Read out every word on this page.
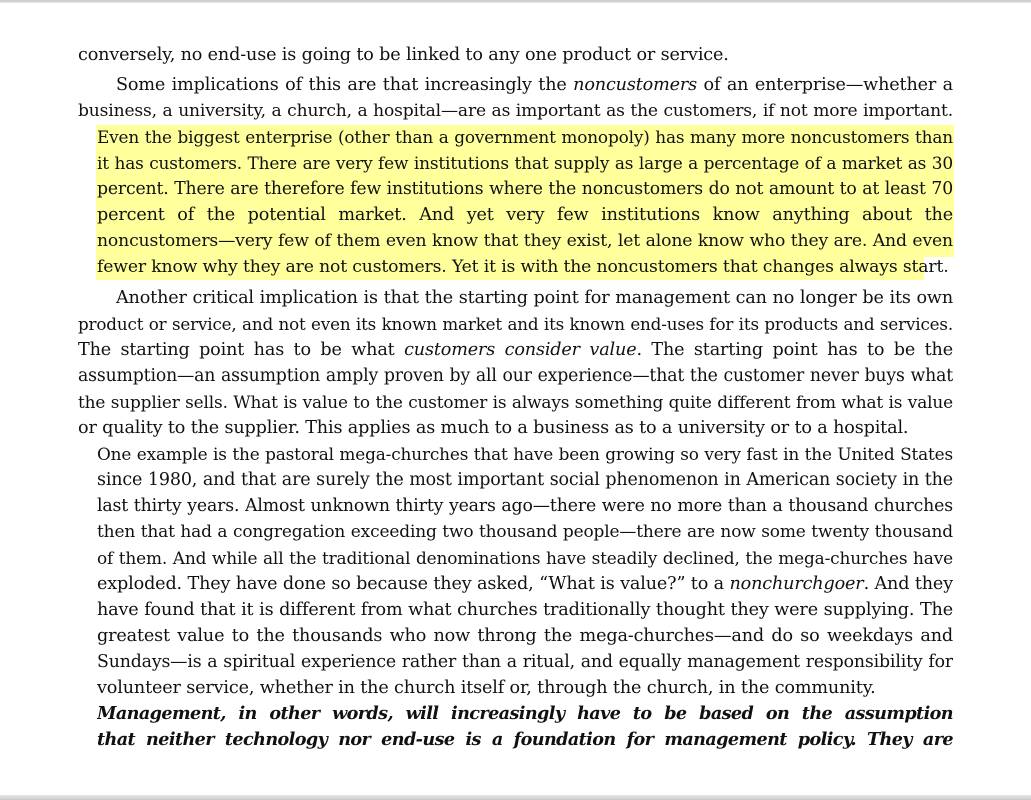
conversely, no end-use is going to be linked to any one product or service.
Some implications of this are that increasingly the noncustomers of an enterprise—whether a
business, a university, a church, a hospital—are as important as the customers, if not more important.
Even the biggest enterprise (other than a government monopoly) has many more noncustomers than
it has customers. There are very few institutions that supply as large a percentage of a market as 30
percent. There are therefore few institutions where the noncustomers do not amount to at least 70
percent of the potential market. And yet very few institutions know anything about the
noncustomers—very few of them even know that they exist, let alone know who they are. And even
fewer know why they are not customers. Yet it is with the noncustomers that changes always start.
Another critical implication is that the starting point for management can no longer be its own
product or service, and not even its known market and its known end-uses for its products and services.
The starting point has to be what customers consider value. The starting point has to be the
assumption—an assumption amply proven by all our experience—that the customer never buys what
the supplier sells. What is value to the customer is always something quite different from what is value
or quality to the supplier. This applies as much to a business as to a university or to a hospital.
One example is the pastoral mega-churches that have been growing so very fast in the United States
since 1980, and that are surely the most important social phenomenon in American society in the
last thirty years. Almost unknown thirty years ago—there were no more than a thousand churches
then that had a congregation exceeding two thousand people—there are now some twenty thousand
of them. And while all the traditional denominations have steadily declined, the mega-churches have
exploded. They have done so because they asked, “What is value?” to a nonchurchgoer. And they
have found that it is different from what churches traditionally thought they were supplying. The
greatest value to the thousands who now throng the mega-churches—and do so weekdays and
Sundays—is a spiritual experience rather than a ritual, and equally management responsibility for
volunteer service, whether in the church itself or, through the church, in the community.
Management, in other words, will increasingly have to be based on the assumption
that neither technology nor end-use is a foundation for management policy. They are
